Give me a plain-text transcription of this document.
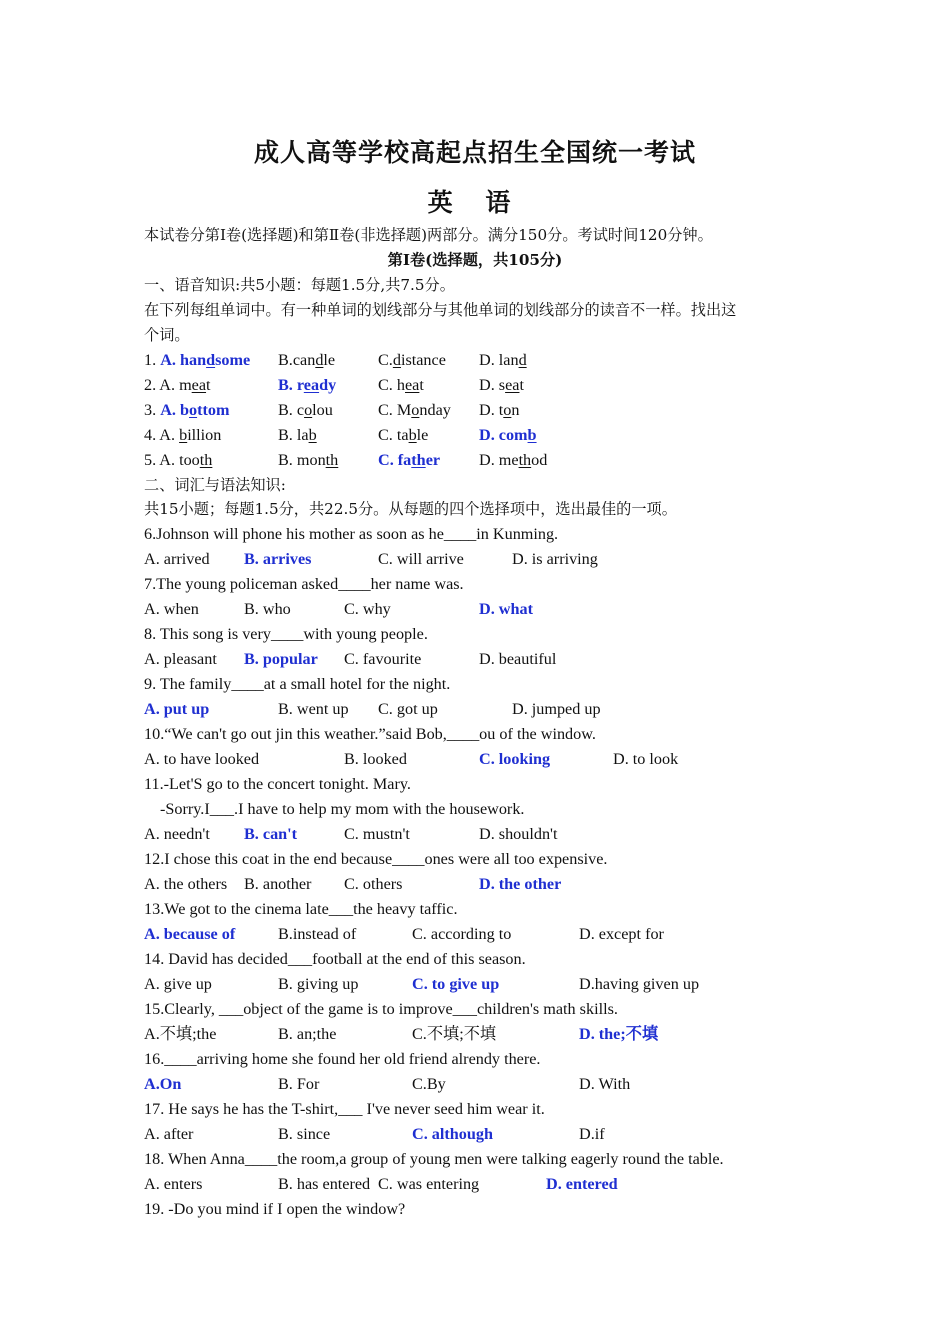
成人高等学校高起点招生全国统一考试
英 语
本试卷分第Ⅰ卷(选择题)和第Ⅱ卷(非选择题)两部分。满分150分。考试时间120分钟。
第Ⅰ卷(选择题，共105分)
一、语音知识:共5小题：每题1.5分,共7.5分。
在下列每组单词中。有一种单词的划线部分与其他单词的划线部分的读音不一样。找出这
个词。
1. A. handsome B.candle	C.distance D. land
2. A. meat	B. ready	C. heat	D. seat
3. A. bottom	B. colou	C. Monday D. ton
4. A. billion	B. lab	C. table	D. comb
5. A. tooth	B. month C. father D. method
二、词汇与语法知识:
共15小题；每题1.5分，共22.5分。从每题的四个选择项中，选出最佳的一项。
6.Johnson will phone his mother as soon as he____in Kunming.
A. arrived B. arrives	C. will arrive	D. is arriving
7.The young policeman asked____her name was.
A. when	B. who	C. why	D. what
8. This song is very____with young people.
A. pleasant B. popular C. favourite	D. beautiful
9. The family____at a small hotel for the night.
A. put up	B. went up C. got up	D. jumped up
10.“We can't go out jin this weather.”said Bob,____ou of the window.
A. to have looked	B. looked	C. looking	D. to look
11.-Let'S go to the concert tonight. Mary.
-Sorry.I___.I have to help my mom with the housework.
A. needn't B. can't	C. mustn't	D. shouldn't
12.I chose this coat in the end because____ones were all too expensive.
A. the others B. another C. others	D. the other
13.We got to the cinema late___the heavy taffic.
A. because of	B.instead of	C. according to	D. except for
14. David has decided___football at the end of this season.
A. give up	B. giving up	C. to give up	D.having given up
15.Clearly, ___object of the game is to improve___children's math skills.
A.不填;the	B. an;the	C.不填;不填	D. the;不填
16.____arriving home she found her old friend alrendy there.
A.On	B. For	C.By	D. With
17. He says he has the T-shirt,___ I've never seed him wear it.
A. after	B. since	C. although	D.if
18. When Anna____the room,a group of young men were talking eagerly round the table.
A. enters	B. has entered C. was entering	D. entered
19. -Do you mind if I open the window?
